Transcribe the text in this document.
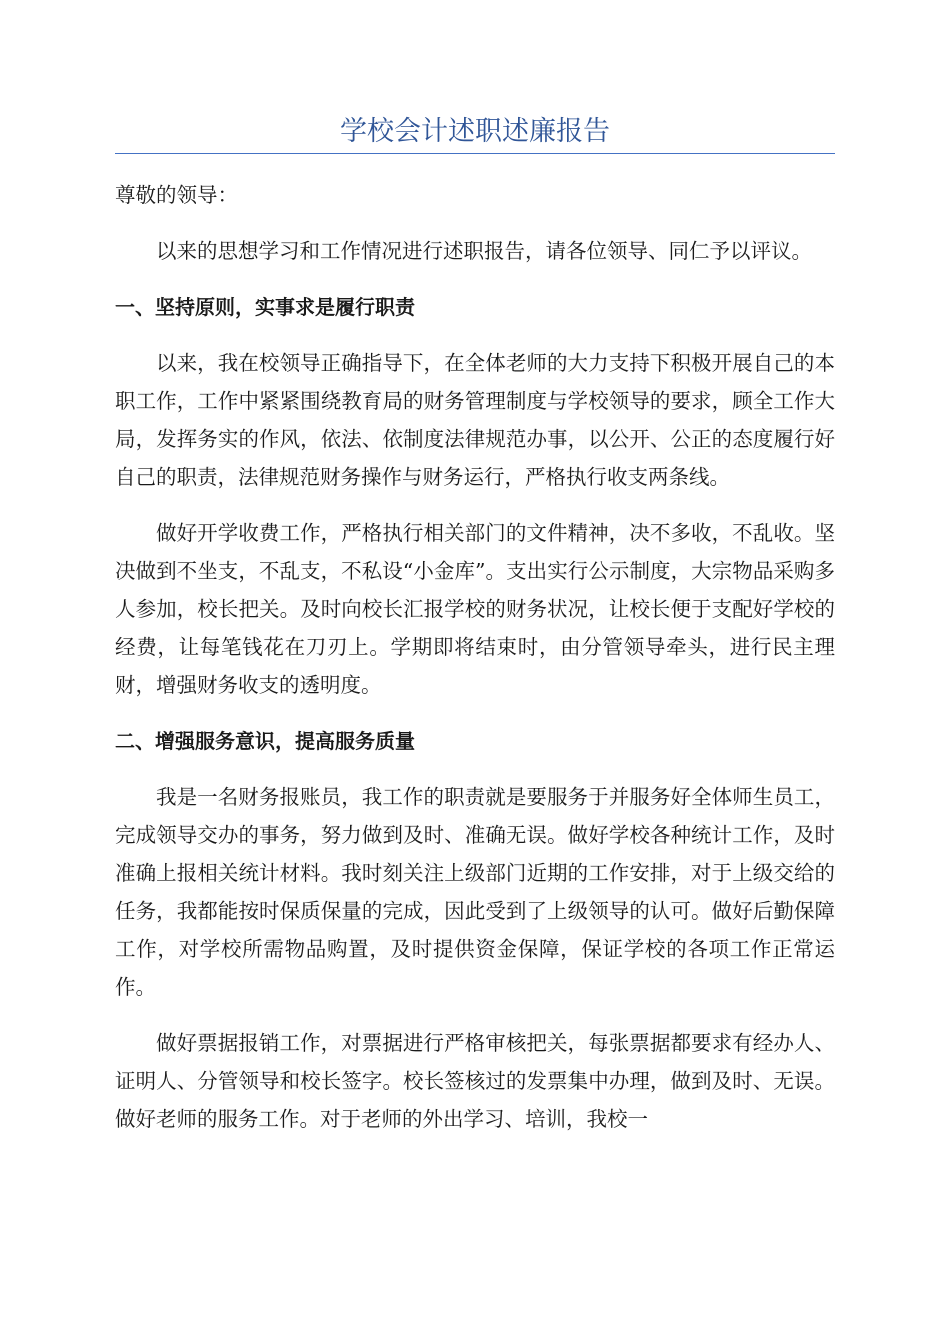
学校会计述职述廉报告

尊敬的领导：

以来的思想学习和工作情况进行述职报告，请各位领导、同仁予以评议。

一、坚持原则，实事求是履行职责

以来，我在校领导正确指导下，在全体老师的大力支持下积极开展自己的本职工作，工作中紧紧围绕教育局的财务管理制度与学校领导的要求，顾全工作大局，发挥务实的作风，依法、依制度法律规范办事，以公开、公正的态度履行好自己的职责，法律规范财务操作与财务运行，严格执行收支两条线。

做好开学收费工作，严格执行相关部门的文件精神，决不多收，不乱收。坚决做到不坐支，不乱支，不私设“小金库”。支出实行公示制度，大宗物品采购多人参加，校长把关。及时向校长汇报学校的财务状况，让校长便于支配好学校的经费，让每笔钱花在刀刃上。学期即将结束时，由分管领导牵头，进行民主理财，增强财务收支的透明度。

二、增强服务意识，提高服务质量

我是一名财务报账员，我工作的职责就是要服务于并服务好全体师生员工，完成领导交办的事务，努力做到及时、准确无误。做好学校各种统计工作，及时准确上报相关统计材料。我时刻关注上级部门近期的工作安排，对于上级交给的任务，我都能按时保质保量的完成，因此受到了上级领导的认可。做好后勤保障工作，对学校所需物品购置，及时提供资金保障，保证学校的各项工作正常运作。

做好票据报销工作，对票据进行严格审核把关，每张票据都要求有经办人、证明人、分管领导和校长签字。校长签核过的发票集中办理，做到及时、无误。做好老师的服务工作。对于老师的外出学习、培训，我校一
